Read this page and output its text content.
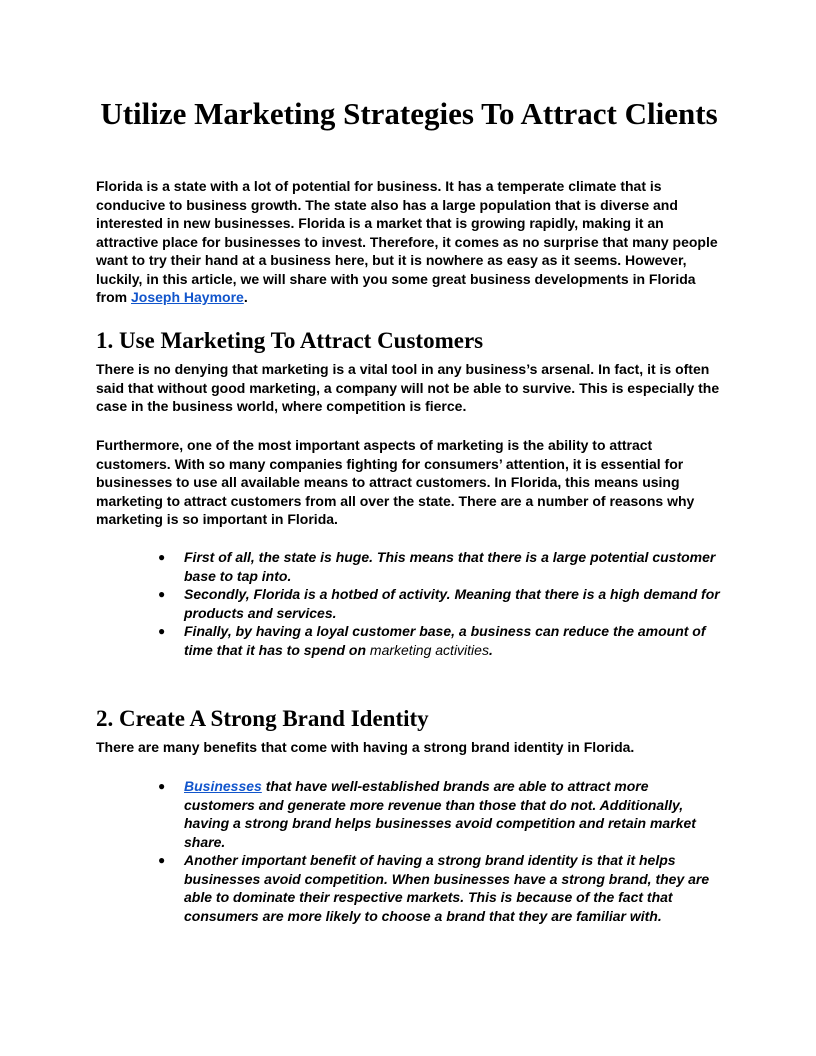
Utilize Marketing Strategies To Attract Clients

Florida is a state with a lot of potential for business. It has a temperate climate that is conducive to business growth. The state also has a large population that is diverse and interested in new businesses. Florida is a market that is growing rapidly, making it an attractive place for businesses to invest. Therefore, it comes as no surprise that many people want to try their hand at a business here, but it is nowhere as easy as it seems. However, luckily, in this article, we will share with you some great business developments in Florida from Joseph Haymore.

1. Use Marketing To Attract Customers

There is no denying that marketing is a vital tool in any business’s arsenal. In fact, it is often said that without good marketing, a company will not be able to survive. This is especially the case in the business world, where competition is fierce.

Furthermore, one of the most important aspects of marketing is the ability to attract customers. With so many companies fighting for consumers’ attention, it is essential for businesses to use all available means to attract customers. In Florida, this means using marketing to attract customers from all over the state. There are a number of reasons why marketing is so important in Florida.

● First of all, the state is huge. This means that there is a large potential customer base to tap into.
● Secondly, Florida is a hotbed of activity. Meaning that there is a high demand for products and services.
● Finally, by having a loyal customer base, a business can reduce the amount of time that it has to spend on marketing activities.
2. Create A Strong Brand Identity

There are many benefits that come with having a strong brand identity in Florida.

● Businesses that have well-established brands are able to attract more customers and generate more revenue than those that do not. Additionally, having a strong brand helps businesses avoid competition and retain market share.
● Another important benefit of having a strong brand identity is that it helps businesses avoid competition. When businesses have a strong brand, they are able to dominate their respective markets. This is because of the fact that consumers are more likely to choose a brand that they are familiar with.
